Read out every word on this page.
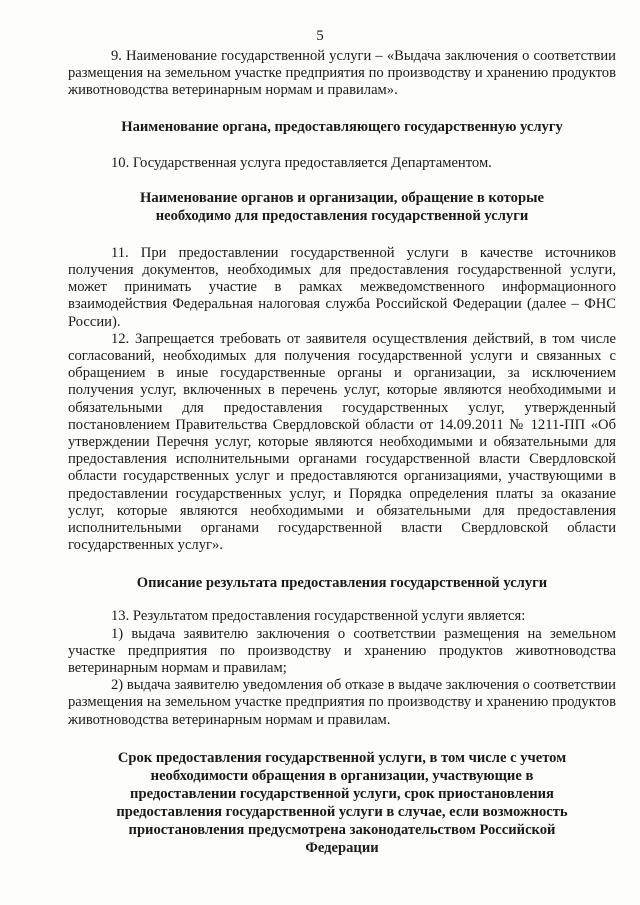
5

9. Наименование государственной услуги – «Выдача заключения о соответствии размещения на земельном участке предприятия по производству и хранению продуктов животноводства ветеринарным нормам и правилам».

Наименование органа, предоставляющего государственную услугу

10. Государственная услуга предоставляется Департаментом.

Наименование органов и организации, обращение в которые необходимо для предоставления государственной услуги

11. При предоставлении государственной услуги в качестве источников получения документов, необходимых для предоставления государственной услуги, может принимать участие в рамках межведомственного информационного взаимодействия Федеральная налоговая служба Российской Федерации (далее – ФНС России).

12. Запрещается требовать от заявителя осуществления действий, в том числе согласований, необходимых для получения государственной услуги и связанных с обращением в иные государственные органы и организации, за исключением получения услуг, включенных в перечень услуг, которые являются необходимыми и обязательными для предоставления государственных услуг, утвержденный постановлением Правительства Свердловской области от 14.09.2011 № 1211-ПП «Об утверждении Перечня услуг, которые являются необходимыми и обязательными для предоставления исполнительными органами государственной власти Свердловской области государственных услуг и предоставляются организациями, участвующими в предоставлении государственных услуг, и Порядка определения платы за оказание услуг, которые являются необходимыми и обязательными для предоставления исполнительными органами государственной власти Свердловской области государственных услуг».

Описание результата предоставления государственной услуги

13. Результатом предоставления государственной услуги является:

1) выдача заявителю заключения о соответствии размещения на земельном участке предприятия по производству и хранению продуктов животноводства ветеринарным нормам и правилам;

2) выдача заявителю уведомления об отказе в выдаче заключения о соответствии размещения на земельном участке предприятия по производству и хранению продуктов животноводства ветеринарным нормам и правилам.

Срок предоставления государственной услуги, в том числе с учетом необходимости обращения в организации, участвующие в предоставлении государственной услуги, срок приостановления предоставления государственной услуги в случае, если возможность приостановления предусмотрена законодательством Российской Федерации
